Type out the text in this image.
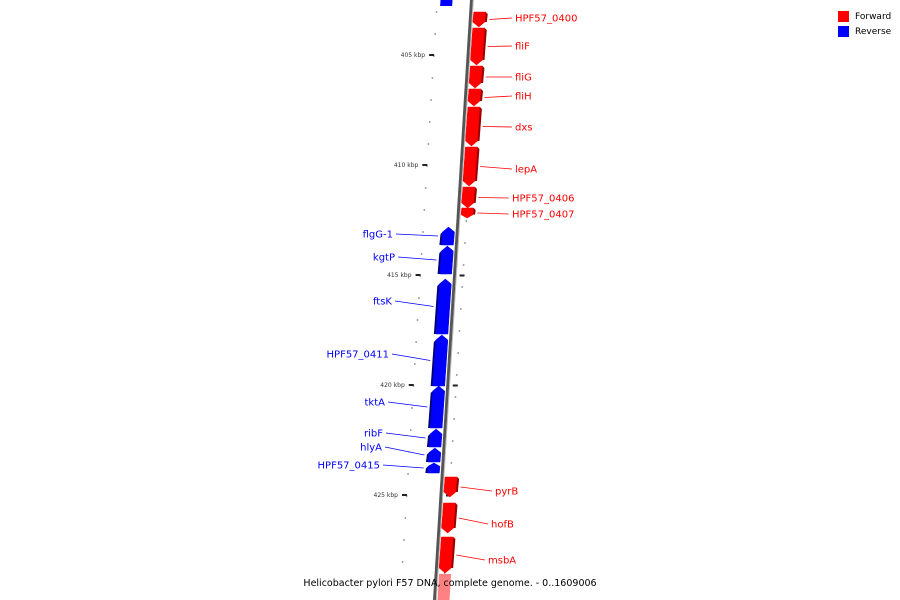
405 kbp
410 kbp
415 kbp
420 kbp
425 kbp
HPF57_0400
fliF
fliG
fliH
dxs
lepA
HPF57_0406
HPF57_0407
flgG-1
kgtP
ftsK
HPF57_0411
tktA
ribF
hlyA
HPF57_0415
pyrB
hofB
msbA
Forward
Reverse
Helicobacter pylori F57 DNA, complete genome. - 0..1609006
